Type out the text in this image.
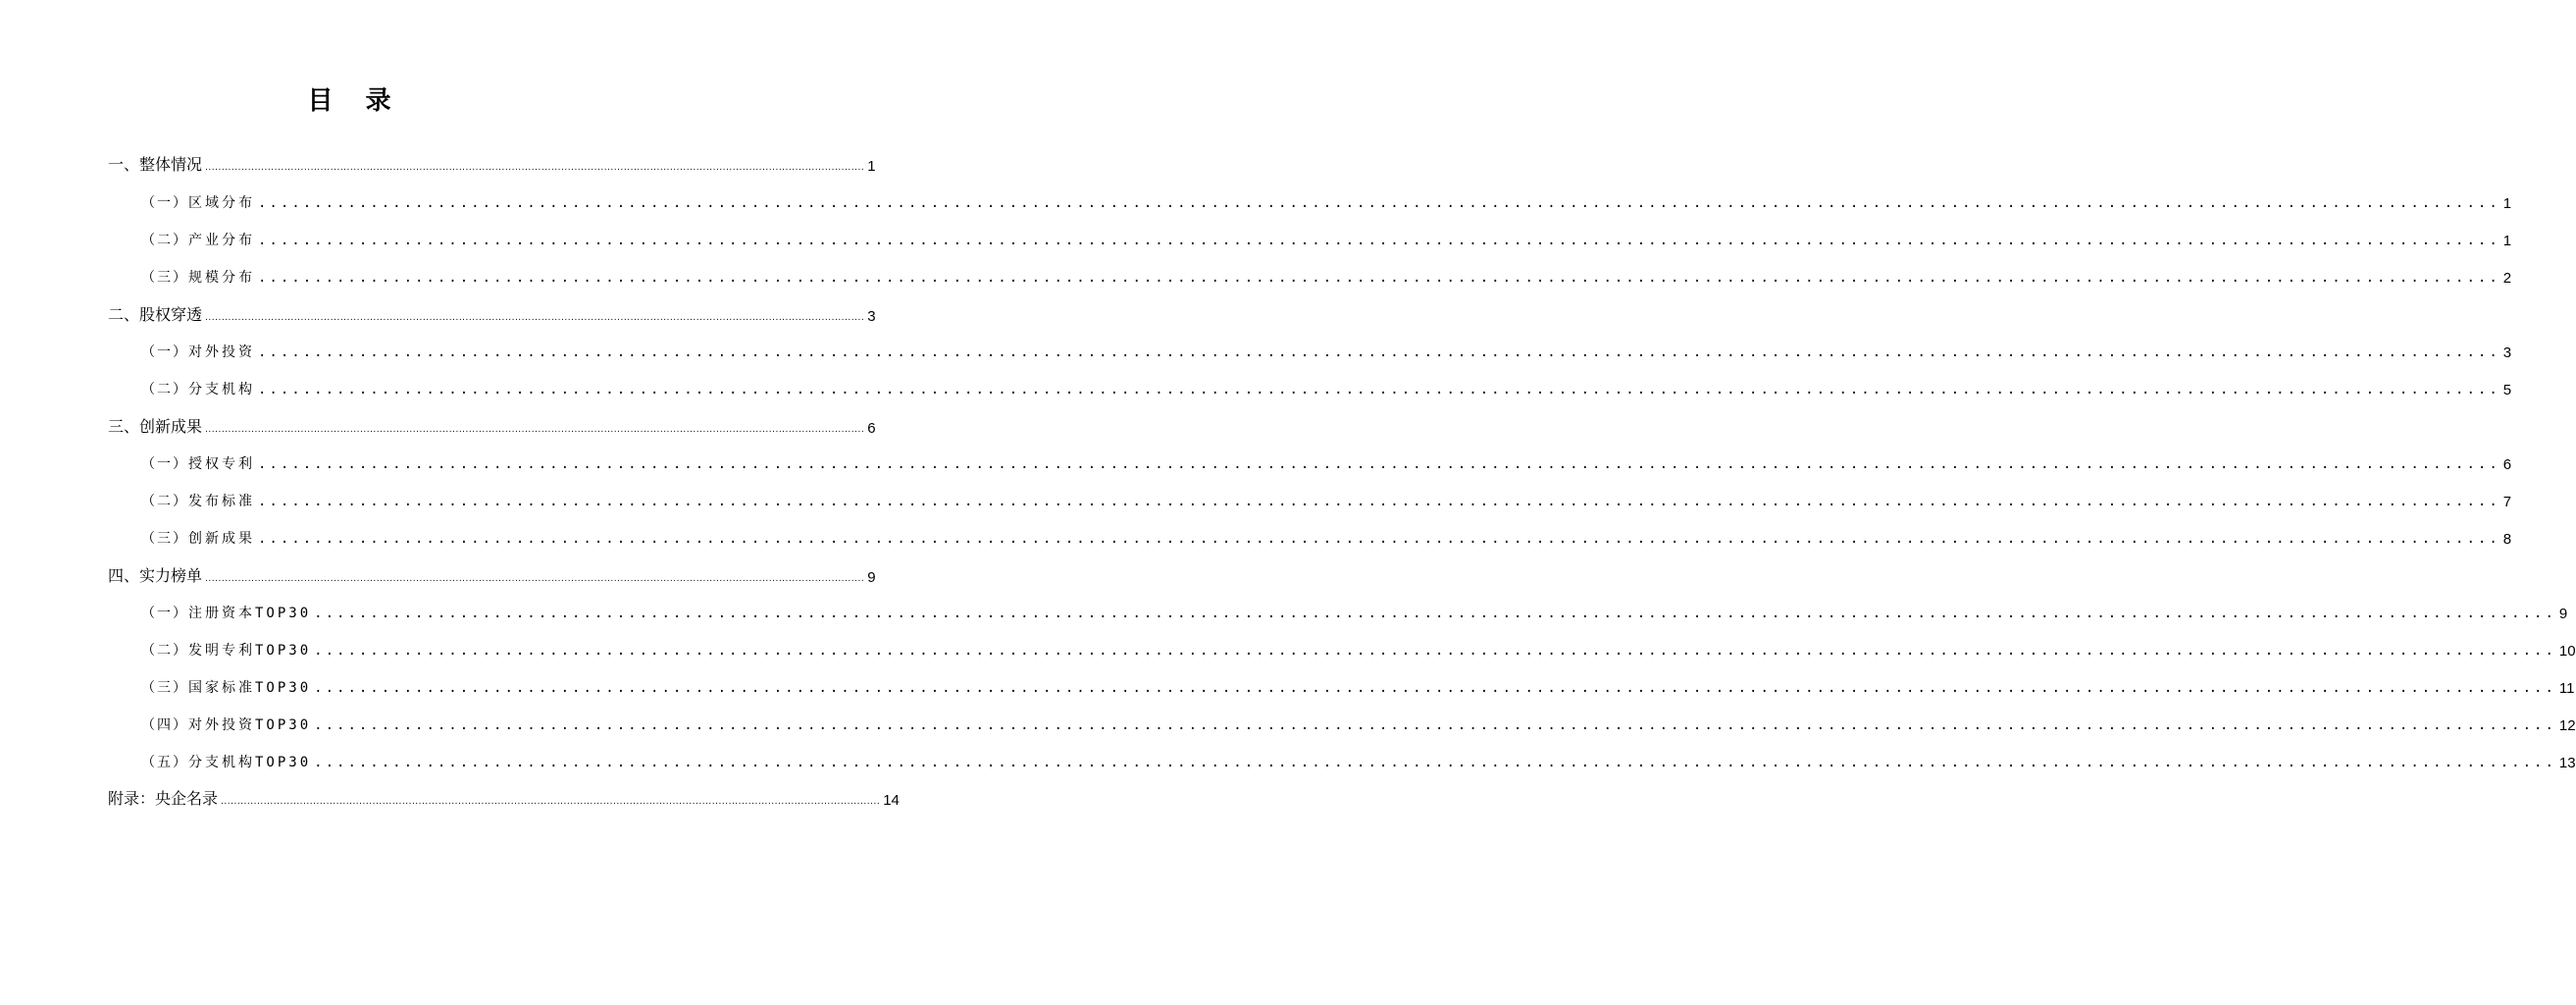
目 录
一、 整体情况 ........................................................................................................................................................................................................ 1
（一） 区域分布 ........................................................................................................................................................................................................ 1
（二） 产业分布 ........................................................................................................................................................................................................ 1
（三） 规模分布 ........................................................................................................................................................................................................ 2
二、 股权穿透 ........................................................................................................................................................................................................ 3
（一） 对外投资 ........................................................................................................................................................................................................ 3
（二） 分支机构 ........................................................................................................................................................................................................ 5
三、 创新成果 ........................................................................................................................................................................................................ 6
（一） 授权专利 ........................................................................................................................................................................................................ 6
（二） 发布标准 ........................................................................................................................................................................................................ 7
（三） 创新成果 ........................................................................................................................................................................................................ 8
四、 实力榜单 ........................................................................................................................................................................................................ 9
（一） 注册资本TOP30 ........................................................................................................................................................................................................ 9
（二） 发明专利TOP30 ........................................................................................................................................................................................................ 10
（三） 国家标准TOP30 ........................................................................................................................................................................................................ 11
（四） 对外投资TOP30 ........................................................................................................................................................................................................ 12
（五） 分支机构TOP30 ........................................................................................................................................................................................................ 13
附录：央企名录 ........................................................................................................................................................................................................ 14
